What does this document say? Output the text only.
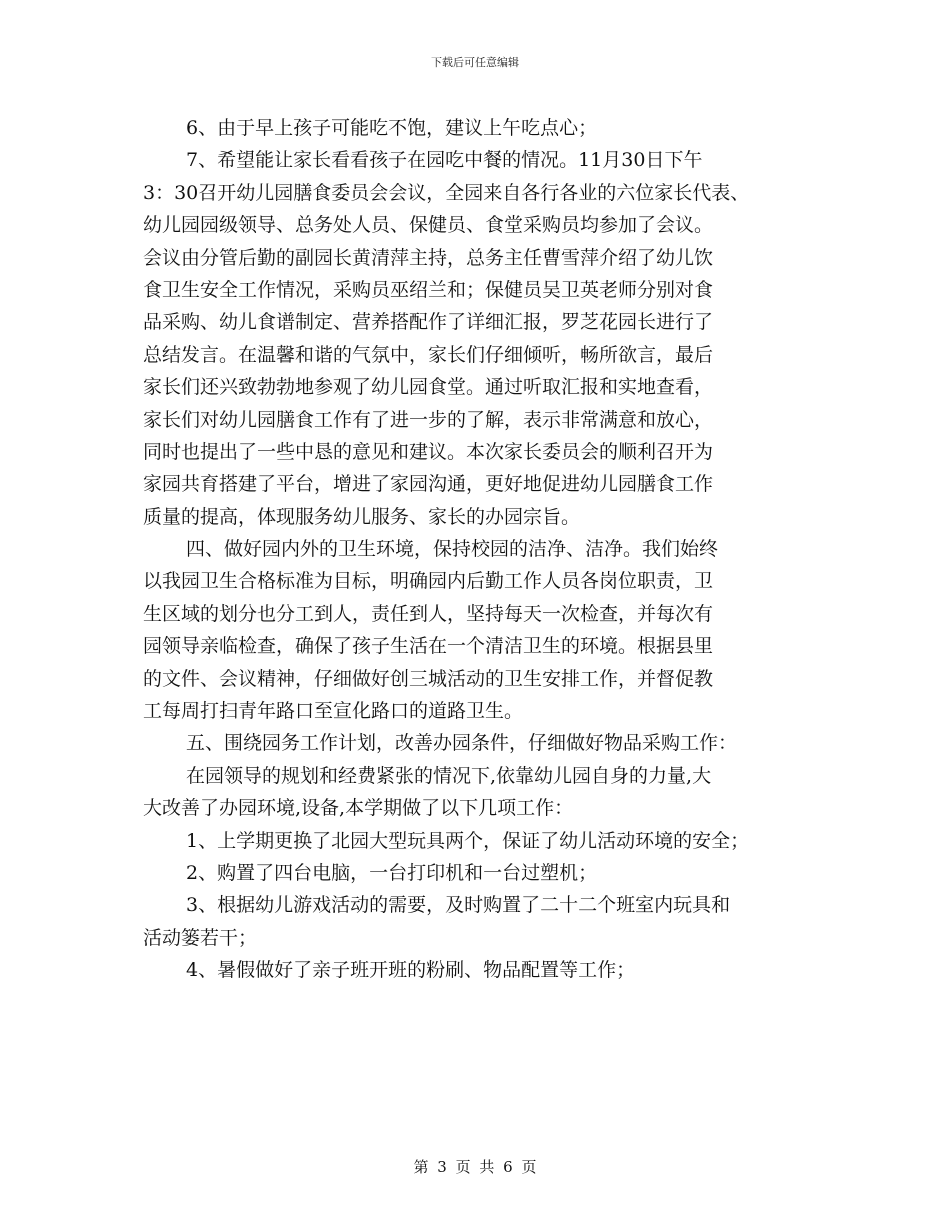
下载后可任意编辑
6、由于早上孩子可能吃不饱，建议上午吃点心；
7、希望能让家长看看孩子在园吃中餐的情况。11月30日下午
3：30召开幼儿园膳食委员会会议，全园来自各行各业的六位家长代表、
幼儿园园级领导、总务处人员、保健员、食堂采购员均参加了会议。
会议由分管后勤的副园长黄清萍主持，总务主任曹雪萍介绍了幼儿饮
食卫生安全工作情况，采购员巫绍兰和；保健员吴卫英老师分别对食
品采购、幼儿食谱制定、营养搭配作了详细汇报，罗芝花园长进行了
总结发言。在温馨和谐的气氛中，家长们仔细倾听，畅所欲言，最后
家长们还兴致勃勃地参观了幼儿园食堂。通过听取汇报和实地查看，
家长们对幼儿园膳食工作有了进一步的了解，表示非常满意和放心，
同时也提出了一些中恳的意见和建议。本次家长委员会的顺利召开为
家园共育搭建了平台，增进了家园沟通，更好地促进幼儿园膳食工作
质量的提高，体现服务幼儿服务、家长的办园宗旨。
四、做好园内外的卫生环境，保持校园的洁净、洁净。我们始终
以我园卫生合格标准为目标，明确园内后勤工作人员各岗位职责，卫
生区域的划分也分工到人，责任到人，坚持每天一次检查，并每次有
园领导亲临检查，确保了孩子生活在一个清洁卫生的环境。根据县里
的文件、会议精神，仔细做好创三城活动的卫生安排工作，并督促教
工每周打扫青年路口至宣化路口的道路卫生。
五、围绕园务工作计划，改善办园条件，仔细做好物品采购工作：
在园领导的规划和经费紧张的情况下,依靠幼儿园自身的力量,大
大改善了办园环境,设备,本学期做了以下几项工作：
1、上学期更换了北园大型玩具两个，保证了幼儿活动环境的安全；
2、购置了四台电脑，一台打印机和一台过塑机；
3、根据幼儿游戏活动的需要，及时购置了二十二个班室内玩具和
活动篓若干；
4、暑假做好了亲子班开班的粉刷、物品配置等工作；
第 3 页 共 6 页
